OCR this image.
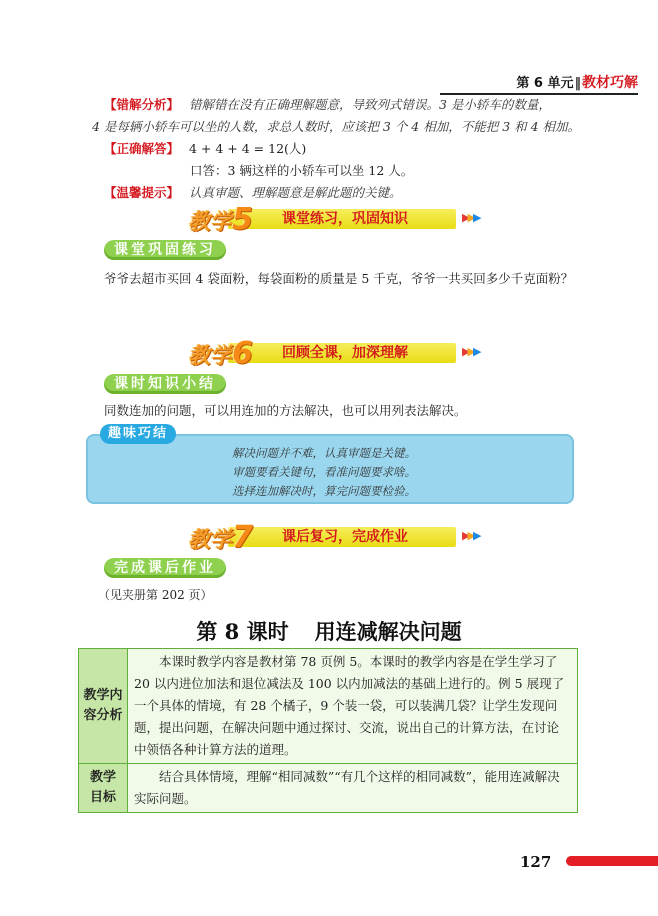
第 6 单元‖教材巧解
【错解分析】 错解错在没有正确理解题意，导致列式错误。3 是小轿车的数量，
4 是每辆小轿车可以坐的人数，求总人数时，应该把 3 个 4 相加，不能把 3 和 4 相加。
【正确解答】 4 + 4 + 4 = 12(人)
口答：3 辆这样的小轿车可以坐 12 人。
【温馨提示】 认真审题、理解题意是解此题的关键。
教学5 课堂练习，巩固知识	▶▶▶
课堂巩固练习
爷爷去超市买回 4 袋面粉，每袋面粉的质量是 5 千克，爷爷一共买回多少千克面粉？
教学6 回顾全课，加深理解	▶▶▶
课时知识小结
同数连加的问题，可以用连加的方法解决，也可以用列表法解决。
趣味巧结
解决问题并不难，认真审题是关键。
审题要看关键句，看准问题要求啥。
选择连加解决时，算完问题要检验。
教学7 课后复习，完成作业	▶▶▶
完成课后作业
（见夹册第 202 页）
第 8 课时 用连减解决问题
教学内
容分析	本课时教学内容是教材第 78 页例 5。本课时的教学内容是在学生学习了 20 以内进位加法和退位减法及 100 以内加减法的基础上进行的。例 5 展现了一个具体的情境，有 28 个橘子，9 个装一袋，可以装满几袋？让学生发现问题，提出问题，在解决问题中通过探讨、交流，说出自己的计算方法，在讨论中领悟各种计算方法的道理。

教学
目标	结合具体情境，理解“相同减数”“有几个这样的相同减数”，能用连减解决实际问题。
127
